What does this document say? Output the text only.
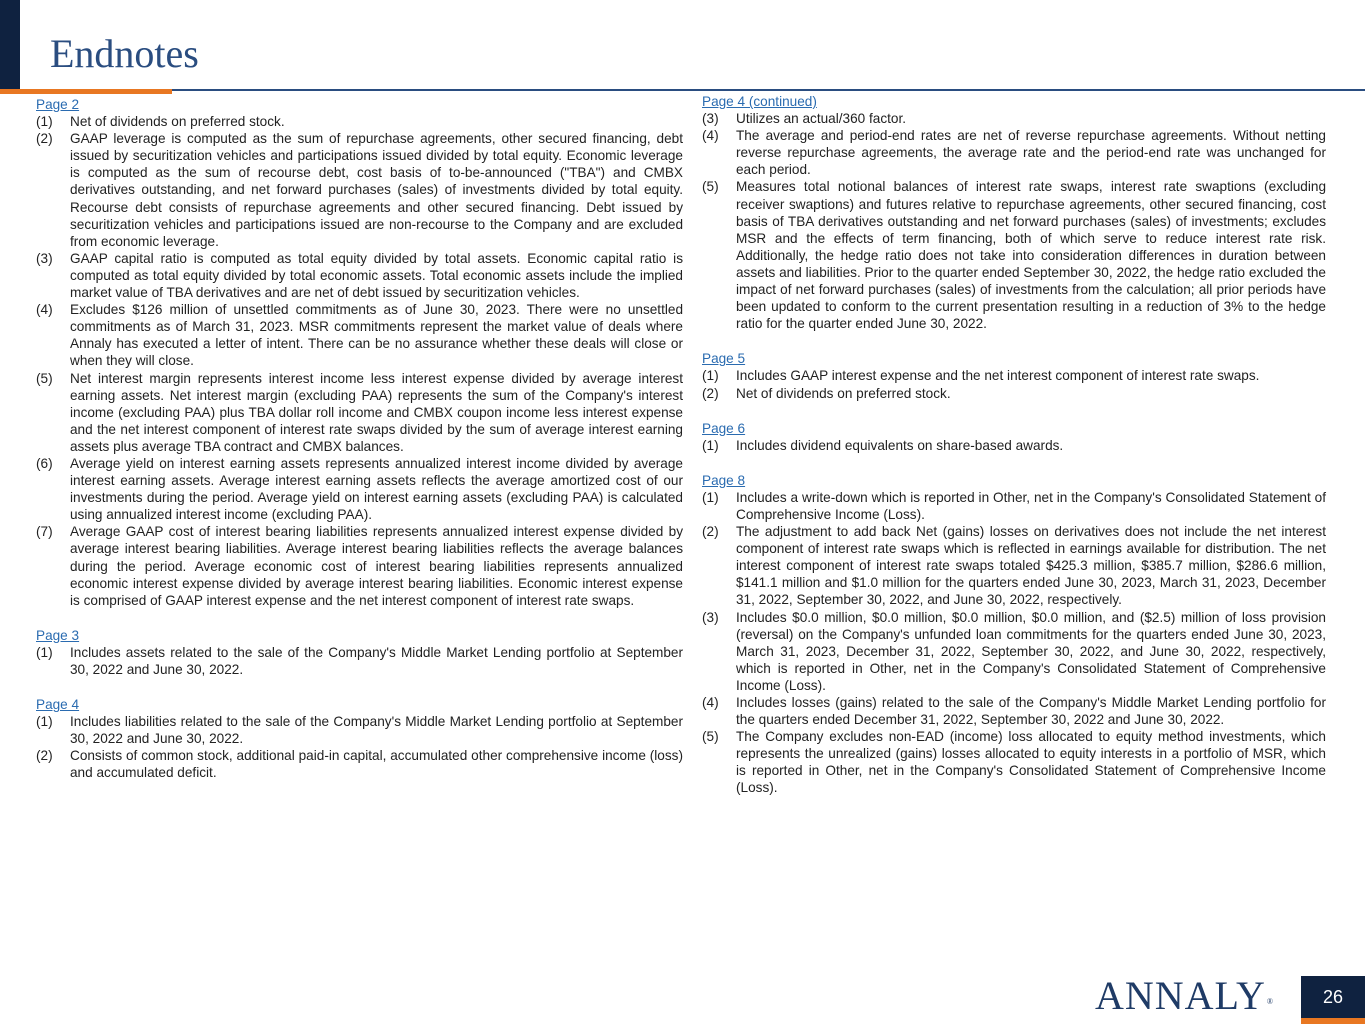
Endnotes
Page 2
(1)	Net of dividends on preferred stock.
(2)	GAAP leverage is computed as the sum of repurchase agreements, other secured financing, debt issued by securitization vehicles and participations issued divided by total equity. Economic leverage is computed as the sum of recourse debt, cost basis of to-be-announced ("TBA") and CMBX derivatives outstanding, and net forward purchases (sales) of investments divided by total equity. Recourse debt consists of repurchase agreements and other secured financing. Debt issued by securitization vehicles and participations issued are non-recourse to the Company and are excluded from economic leverage.
(3)	GAAP capital ratio is computed as total equity divided by total assets. Economic capital ratio is computed as total equity divided by total economic assets. Total economic assets include the implied market value of TBA derivatives and are net of debt issued by securitization vehicles.
(4)	Excludes $126 million of unsettled commitments as of June 30, 2023. There were no unsettled commitments as of March 31, 2023. MSR commitments represent the market value of deals where Annaly has executed a letter of intent. There can be no assurance whether these deals will close or when they will close.
(5)	Net interest margin represents interest income less interest expense divided by average interest earning assets. Net interest margin (excluding PAA) represents the sum of the Company's interest income (excluding PAA) plus TBA dollar roll income and CMBX coupon income less interest expense and the net interest component of interest rate swaps divided by the sum of average interest earning assets plus average TBA contract and CMBX balances.
(6)	Average yield on interest earning assets represents annualized interest income divided by average interest earning assets. Average interest earning assets reflects the average amortized cost of our investments during the period. Average yield on interest earning assets (excluding PAA) is calculated using annualized interest income (excluding PAA).
(7)	Average GAAP cost of interest bearing liabilities represents annualized interest expense divided by average interest bearing liabilities. Average interest bearing liabilities reflects the average balances during the period. Average economic cost of interest bearing liabilities represents annualized economic interest expense divided by average interest bearing liabilities. Economic interest expense is comprised of GAAP interest expense and the net interest component of interest rate swaps.
Page 3
(1)	Includes assets related to the sale of the Company's Middle Market Lending portfolio at September 30, 2022 and June 30, 2022.
Page 4
(1)	Includes liabilities related to the sale of the Company's Middle Market Lending portfolio at September 30, 2022 and June 30, 2022.
(2)	Consists of common stock, additional paid-in capital, accumulated other comprehensive income (loss) and accumulated deficit.
Page 4 (continued)
(3)	Utilizes an actual/360 factor.
(4)	The average and period-end rates are net of reverse repurchase agreements. Without netting reverse repurchase agreements, the average rate and the period-end rate was unchanged for each period.
(5)	Measures total notional balances of interest rate swaps, interest rate swaptions (excluding receiver swaptions) and futures relative to repurchase agreements, other secured financing, cost basis of TBA derivatives outstanding and net forward purchases (sales) of investments; excludes MSR and the effects of term financing, both of which serve to reduce interest rate risk. Additionally, the hedge ratio does not take into consideration differences in duration between assets and liabilities. Prior to the quarter ended September 30, 2022, the hedge ratio excluded the impact of net forward purchases (sales) of investments from the calculation; all prior periods have been updated to conform to the current presentation resulting in a reduction of 3% to the hedge ratio for the quarter ended June 30, 2022.
Page 5
(1)	Includes GAAP interest expense and the net interest component of interest rate swaps.
(2)	Net of dividends on preferred stock.
Page 6
(1)	Includes dividend equivalents on share-based awards.
Page 8
(1)	Includes a write-down which is reported in Other, net in the Company's Consolidated Statement of Comprehensive Income (Loss).
(2)	The adjustment to add back Net (gains) losses on derivatives does not include the net interest component of interest rate swaps which is reflected in earnings available for distribution. The net interest component of interest rate swaps totaled $425.3 million, $385.7 million, $286.6 million, $141.1 million and $1.0 million for the quarters ended June 30, 2023, March 31, 2023, December 31, 2022, September 30, 2022, and June 30, 2022, respectively.
(3)	Includes $0.0 million, $0.0 million, $0.0 million, $0.0 million, and ($2.5) million of loss provision (reversal) on the Company's unfunded loan commitments for the quarters ended June 30, 2023, March 31, 2023, December 31, 2022, September 30, 2022, and June 30, 2022, respectively, which is reported in Other, net in the Company's Consolidated Statement of Comprehensive Income (Loss).
(4)	Includes losses (gains) related to the sale of the Company's Middle Market Lending portfolio for the quarters ended December 31, 2022, September 30, 2022 and June 30, 2022.
(5)	The Company excludes non-EAD (income) loss allocated to equity method investments, which represents the unrealized (gains) losses allocated to equity interests in a portfolio of MSR, which is reported in Other, net in the Company's Consolidated Statement of Comprehensive Income (Loss).
ANNALY®	26
